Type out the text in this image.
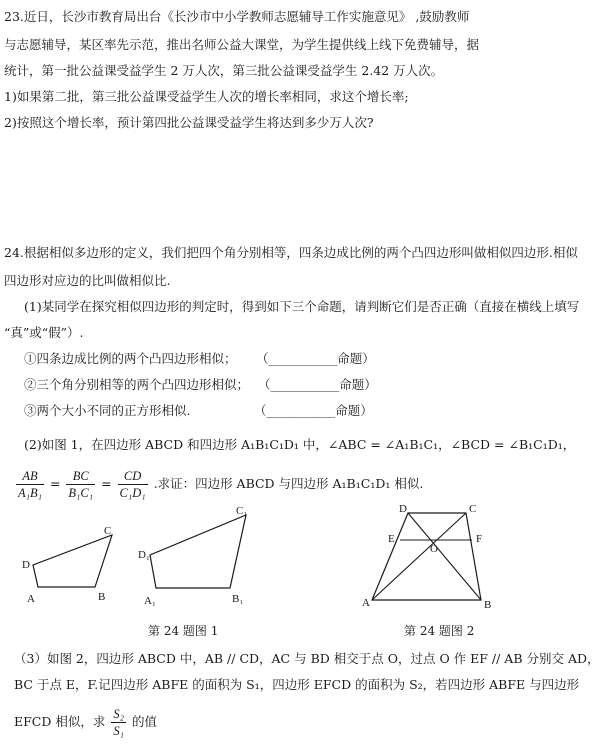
23.近日，长沙市教育局出台《长沙市中小学教师志愿辅导工作实施意见》 ,鼓励教师
与志愿辅导，某区率先示范，推出名师公益大课堂，为学生提供线上线下免费辅导，据
统计，第一批公益课受益学生 2 万人次，第三批公益课受益学生 2.42 万人次。
1)如果第二批，第三批公益课受益学生人次的增长率相同，求这个增长率;
2)按照这个增长率，预计第四批公益课受益学生将达到多少万人次?
24.根据相似多边形的定义，我们把四个角分别相等，四条边成比例的两个凸四边形叫做相似四边形.相似
四边形对应边的比叫做相似比.
(1)某同学在探究相似四边形的判定时，得到如下三个命题，请判断它们是否正确（直接在横线上填写
“真”或“假”）.
①四条边成比例的两个凸四边形相似； （___________命题）
②三个角分别相等的两个凸四边形相似； （___________命题）
③两个大小不同的正方形相似.	（___________命题）
(2)如图 1，在四边形 ABCD 和四边形 A₁B₁C₁D₁ 中，∠ABC = ∠A₁B₁C₁，∠BCD = ∠B₁C₁D₁，
$\frac{AB}{\text{A₁B₁}} = \frac{BC}{\text{B₁C₁}} = \frac{CD}{\text{C₁D₁}}$ .求证：四边形 ABCD 与四边形 A₁B₁C₁D₁ 相似.
A	B
C
D
A₁	B₁
C₁
D₁
A	B
C
D
E	F
O
第 24 题图 1	第 24 题图 2
（3）如图 2，四边形 ABCD 中，AB // CD，AC 与 BD 相交于点 O，过点 O 作 EF // AB 分别交 AD，
BC 于点 E，F.记四边形 ABFE 的面积为 S₁，四边形 EFCD 的面积为 S₂，若四边形 ABFE 与四边形
EFCD 相似，求 $\frac{\text{S₂}}{\text{S₁}}$ 的值
